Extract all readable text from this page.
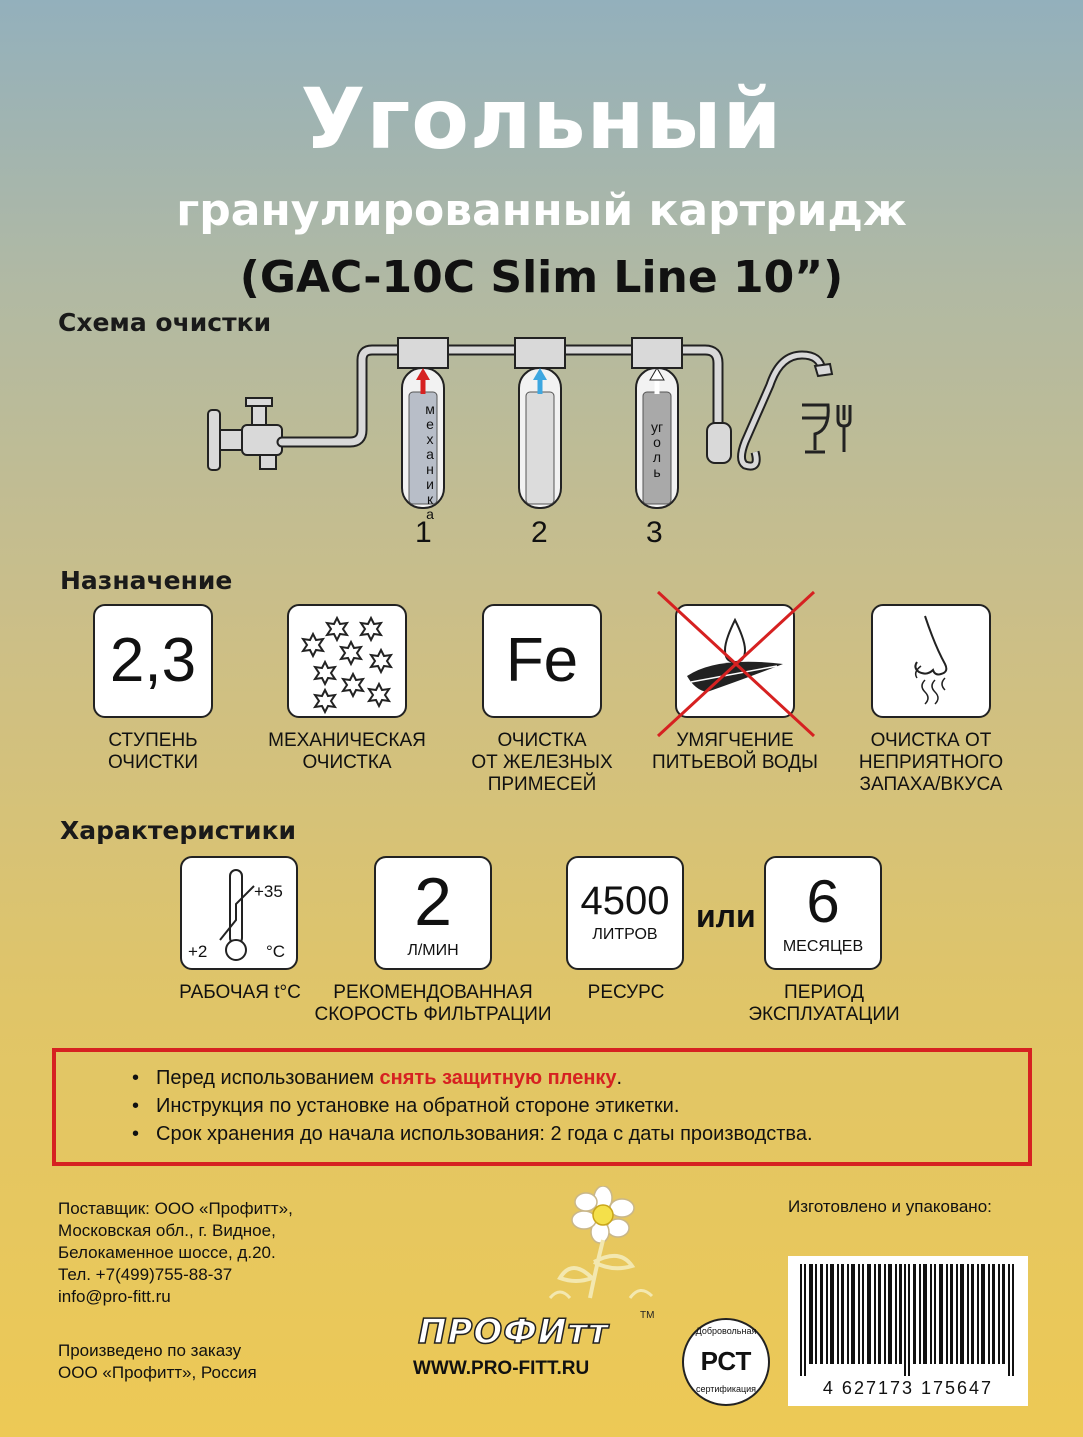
Угольный
гранулированный картридж
(GAC-10C Slim Line 10”)
Схема очистки
механика
уголь
1	2	3
Назначение
2,3
СТУПЕНЬ
ОЧИСТКИ
МЕХАНИЧЕСКАЯ
ОЧИСТКА
Fe
ОЧИСТКА
ОТ ЖЕЛЕЗНЫХ
ПРИМЕСЕЙ
УМЯГЧЕНИЕ
ПИТЬЕВОЙ ВОДЫ
ОЧИСТКА ОТ
НЕПРИЯТНОГО
ЗАПАХА/ВКУСА
Характеристики
+35
+2	°C
РАБОЧАЯ t°C
2
Л/МИН
РЕКОМЕНДОВАННАЯ
СКОРОСТЬ ФИЛЬТРАЦИИ
4500
ЛИТРОВ
РЕСУРС
или 6
МЕСЯЦЕВ
ПЕРИОД
ЭКСПЛУАТАЦИИ
• Перед использованием снять защитную пленку.
• Инструкция по установке на обратной стороне этикетки.
• Срок хранения до начала использования: 2 года с даты производства.
Поставщик: ООО «Профитт»,
Московская обл., г. Видное,
Белокаменное шоссе, д.20.
Тел. +7(499)755-88-37
info@pro-fitt.ru
Произведено по заказу
ООО «Профитт», Россия
ПРОФИтт	TM
WWW.PRO-FITT.RU
Добровольная
РСТ
сертификация
Изготовлено и упаковано:
4 627173 175647
